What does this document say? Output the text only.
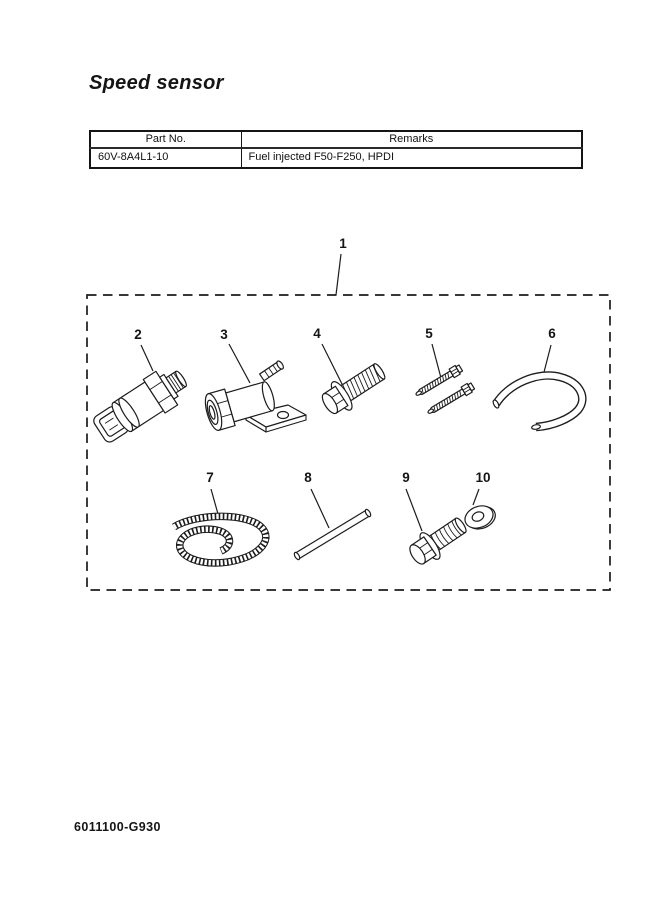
Speed sensor
Part No.	Remarks
60V-8A4L1-10	Fuel injected F50-F250, HPDI
1
2	3	4	5	6
7	8	9	10
6011100-G930
